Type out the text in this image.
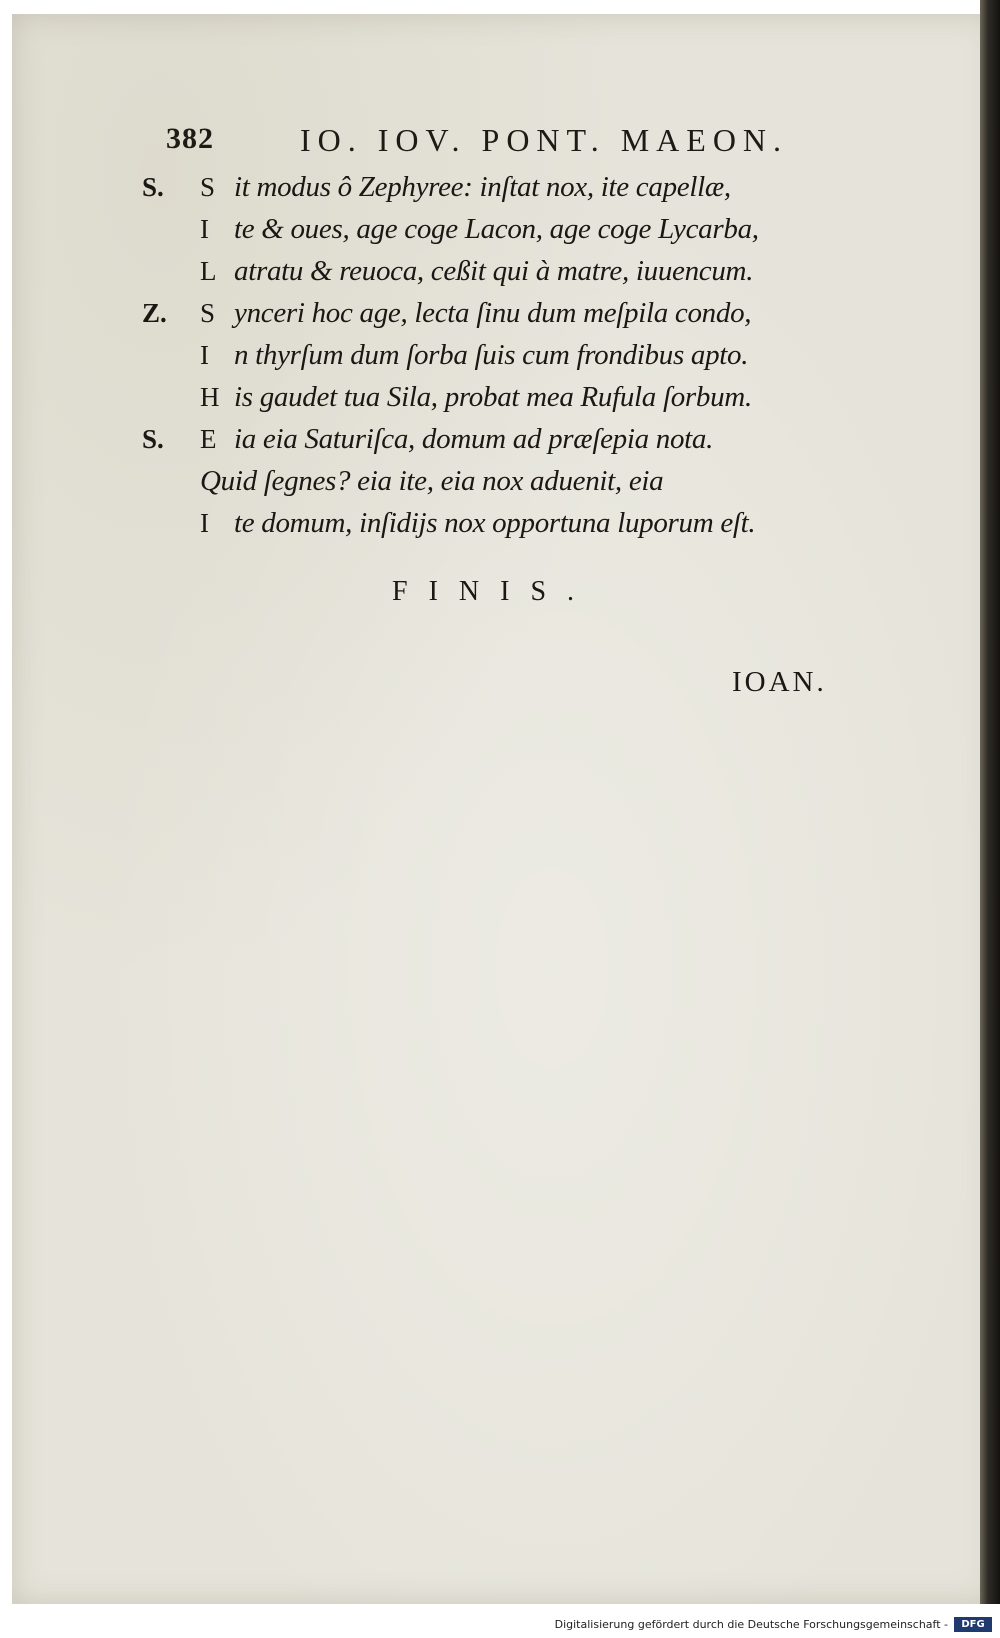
382	IO. IOV. PONT. MAEON.
S.	S it modus ô Zephyree: inſtat nox, ite capellæ,
I te & oues, age coge Lacon, age coge Lycarba,
L atratu & reuoca, ceßit qui à matre, iuuencum.
Z.	S ynceri hoc age, lecta ſinu dum meſpila condo,
I n thyrſum dum ſorba ſuis cum frondibus apto.
H is gaudet tua Sila, probat mea Rufula ſorbum.
S.	E ia eia Saturiſca, domum ad præſepia nota.
Quid ſegnes? eia ite, eia nox aduenit, eia
I te domum, inſidijs nox opportuna luporum eſt.
FINIS.
IOAN.
Digitalisierung gefördert durch die Deutsche Forschungsgemeinschaft -	DFG
